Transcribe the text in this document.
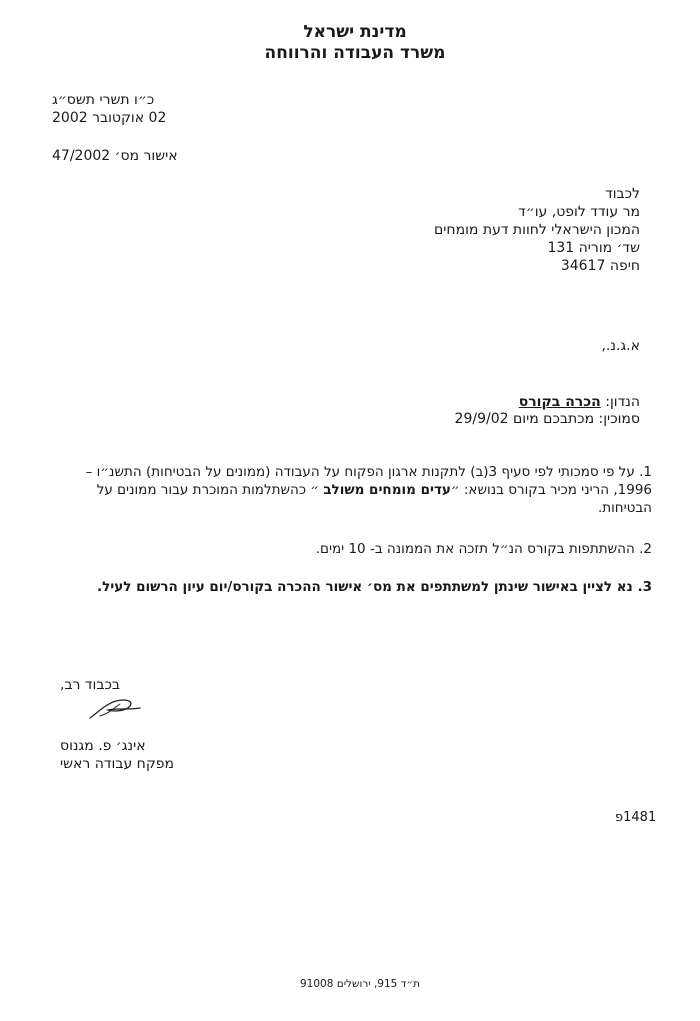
מדינת ישראל
משרד העבודה והרווחה
כ״ו תשרי תשס״ג
02 אוקטובר 2002
אישור מס׳ 47/2002
לכבוד
מר עודד לופט, עו״ד
המכון הישראלי לחוות דעת מומחים
שד׳ מוריה 131
חיפה 34617
א.ג.נ.,
הנדון: הכרה בקורס
סמוכין: מכתבכם מיום 29/9/02
1. על פי סמכותי לפי סעיף 3(ב) לתקנות ארגון הפקוח על העבודה (ממונים על הבטיחות) התשנ״ו – 1996, הריני מכיר בקורס בנושא: ״עדים מומחים משולב ״ כהשתלמות המוכרת עבור ממונים על הבטיחות.
2. ההשתתפות בקורס הנ״ל תזכה את הממונה ב- 10 ימים.
3. נא לציין באישור שינתן למשתתפים את מס׳ אישור ההכרה בקורס/יום עיון הרשום לעיל.
בכבוד רב,
אינג׳ פ. מגנוס
מפקח עבודה ראשי
1481פ
ת״ד 915, ירושלים 91008
